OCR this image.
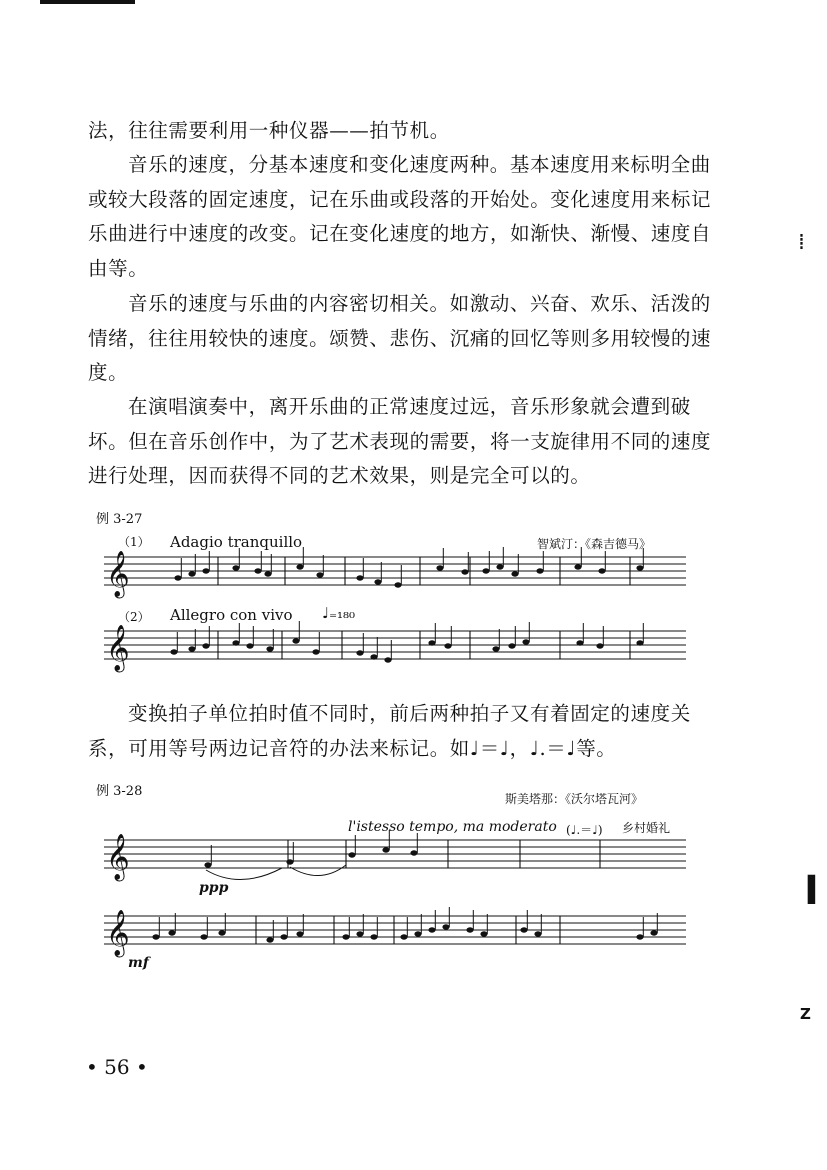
法，往往需要利用一种仪器——拍节机。

音乐的速度，分基本速度和变化速度两种。基本速度用来标明全曲或较大段落的固定速度，记在乐曲或段落的开始处。变化速度用来标记乐曲进行中速度的改变。记在变化速度的地方，如渐快、渐慢、速度自由等。

音乐的速度与乐曲的内容密切相关。如激动、兴奋、欢乐、活泼的情绪，往往用较快的速度。颂赞、悲伤、沉痛的回忆等则多用较慢的速度。

在演唱演奏中，离开乐曲的正常速度过远，音乐形象就会遭到破坏。但在音乐创作中，为了艺术表现的需要，将一支旋律用不同的速度进行处理，因而获得不同的艺术效果，则是完全可以的。

例 3-27
（1） Adagio tranquillo	智斌汀：《森吉德马》
（2） Allegro con vivo ♩₌₁₈₀

变换拍子单位拍时值不同时，前后两种拍子又有着固定的速度关系，可用等号两边记音符的办法来标记。如♩＝♩，♩.＝♩等。

例 3-28	斯美塔那：《沃尔塔瓦河》
l'istesso tempo, ma moderato (♩.＝♩) 乡村婚礼
ppp
mf
𝄞
𝄞
𝄞
𝄞
⁞
I
Z
• 56 •
